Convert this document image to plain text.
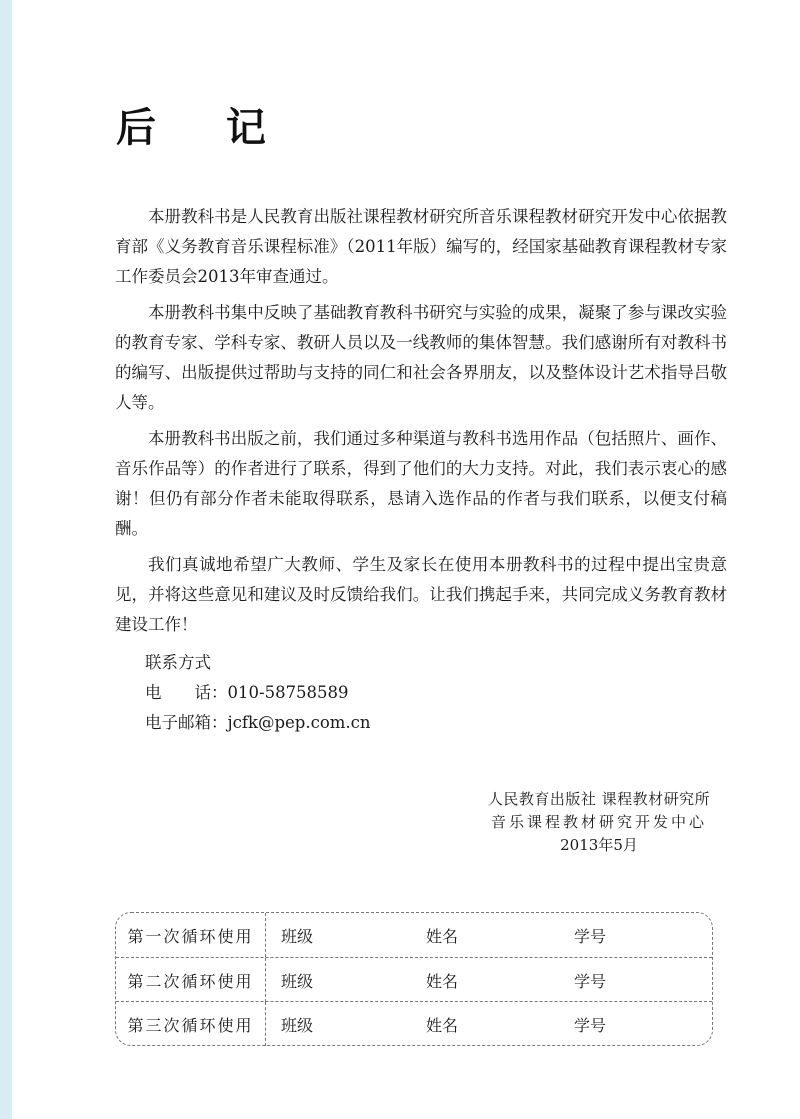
后 记

本册教科书是人民教育出版社课程教材研究所音乐课程教材研究开发中心依据教育部《义务教育音乐课程标准》（2011年版）编写的，经国家基础教育课程教材专家工作委员会2013年审查通过。

本册教科书集中反映了基础教育教科书研究与实验的成果，凝聚了参与课改实验的教育专家、学科专家、教研人员以及一线教师的集体智慧。我们感谢所有对教科书的编写、出版提供过帮助与支持的同仁和社会各界朋友，以及整体设计艺术指导吕敬人等。

本册教科书出版之前，我们通过多种渠道与教科书选用作品（包括照片、画作、音乐作品等）的作者进行了联系，得到了他们的大力支持。对此，我们表示衷心的感谢！但仍有部分作者未能取得联系，恳请入选作品的作者与我们联系，以便支付稿酬。

我们真诚地希望广大教师、学生及家长在使用本册教科书的过程中提出宝贵意见，并将这些意见和建议及时反馈给我们。让我们携起手来，共同完成义务教育教材建设工作！

联系方式
电　　话：010-58758589
电子邮箱：jcfk@pep.com.cn
人民教育出版社 课程教材研究所
音乐课程教材研究开发中心
2013年5月
第一次循环使用	班级	姓名	学号
第二次循环使用	班级	姓名	学号
第三次循环使用	班级	姓名	学号
